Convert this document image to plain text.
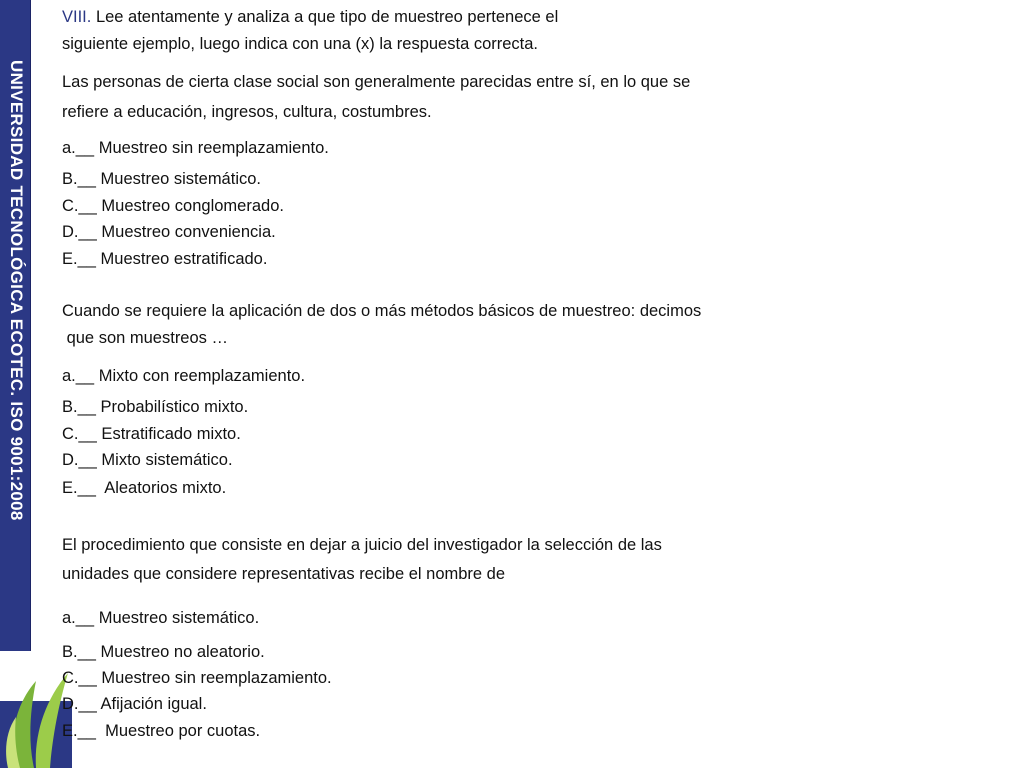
UNIVERSIDAD TECNOLÓGICA ECOTEC. ISO 9001:2008
VIII. Lee atentamente y analiza a que tipo de muestreo pertenece el
siguiente ejemplo, luego indica con una (x) la respuesta correcta.
Las personas de cierta clase social son generalmente parecidas entre sí, en lo que se
refiere a educación, ingresos, cultura, costumbres.
a.__ Muestreo sin reemplazamiento.
B.__ Muestreo sistemático.
C.__ Muestreo conglomerado.
D.__ Muestreo conveniencia.
E.__ Muestreo estratificado.
Cuando se requiere la aplicación de dos o más métodos básicos de muestreo: decimos
que son muestreos …
a.__ Mixto con reemplazamiento.
B.__ Probabilístico mixto.
C.__ Estratificado mixto.
D.__ Mixto sistemático.
E.__  Aleatorios mixto.
El procedimiento que consiste en dejar a juicio del investigador la selección de las
unidades que considere representativas recibe el nombre de
a.__ Muestreo sistemático.
B.__ Muestreo no aleatorio.
C.__ Muestreo sin reemplazamiento.
D.__ Afijación igual.
E.__  Muestreo por cuotas.
